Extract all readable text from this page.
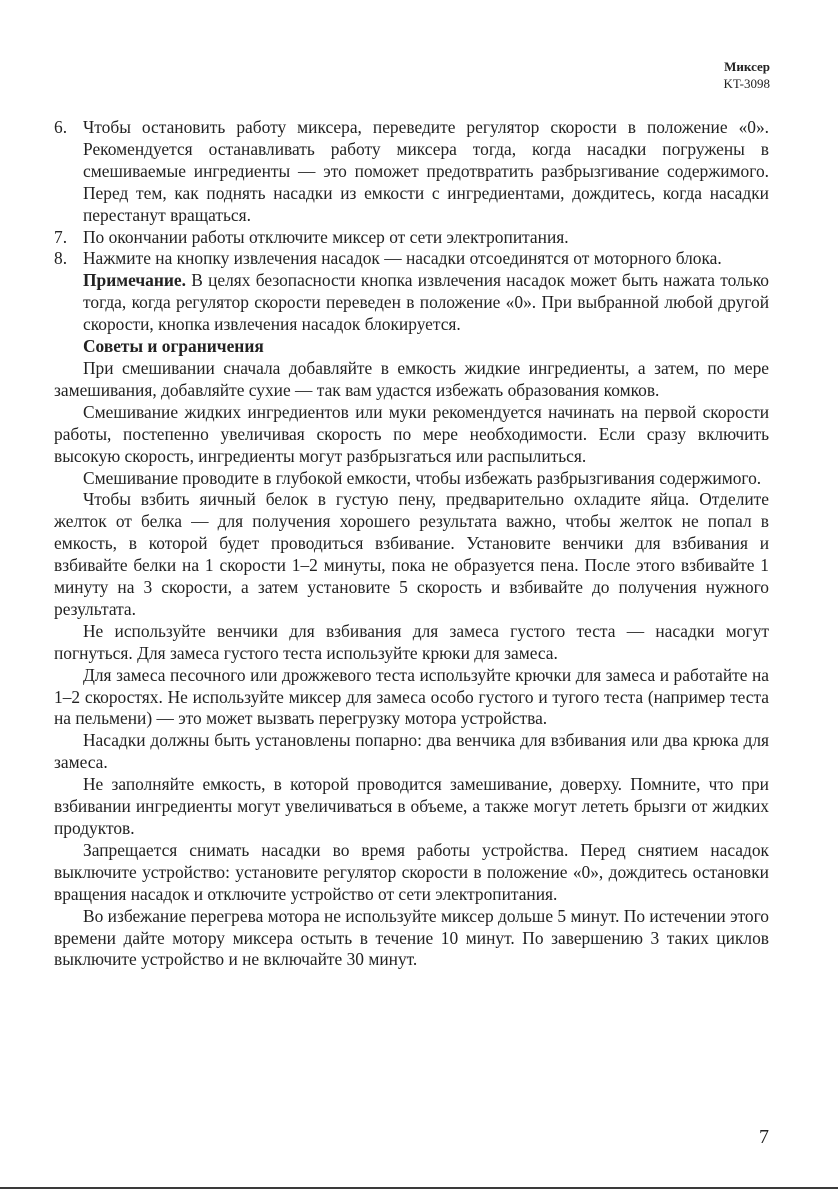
Миксер
KT-3098
6. Чтобы остановить работу миксера, переведите регулятор скорости в положение «0». Рекомендуется останавливать работу миксера тогда, когда насадки погружены в смешиваемые ингредиенты — это поможет предотвратить разбрызгивание содержимого. Перед тем, как поднять насадки из емкости с ингредиентами, дождитесь, когда насадки перестанут вращаться.
7. По окончании работы отключите миксер от сети электропитания.
8. Нажмите на кнопку извлечения насадок — насадки отсоединятся от моторного блока.

Примечание. В целях безопасности кнопка извлечения насадок может быть нажата только тогда, когда регулятор скорости переведен в положение «0». При выбранной любой другой скорости, кнопка извлечения насадок блокируется.

Советы и ограничения

При смешивании сначала добавляйте в емкость жидкие ингредиенты, а затем, по мере замешивания, добавляйте сухие — так вам удастся избежать образования комков.

Смешивание жидких ингредиентов или муки рекомендуется начинать на первой скорости работы, постепенно увеличивая скорость по мере необходимости. Если сразу включить высокую скорость, ингредиенты могут разбрызгаться или распылиться.

Смешивание проводите в глубокой емкости, чтобы избежать разбрызгивания содержимого.

Чтобы взбить яичный белок в густую пену, предварительно охладите яйца. Отделите желток от белка — для получения хорошего результата важно, чтобы желток не попал в емкость, в которой будет проводиться взбивание. Установите венчики для взбивания и взбивайте белки на 1 скорости 1–2 минуты, пока не образуется пена. После этого взбивайте 1 минуту на 3 скорости, а затем установите 5 скорость и взбивайте до получения нужного результата.

Не используйте венчики для взбивания для замеса густого теста — насадки могут погнуться. Для замеса густого теста используйте крюки для замеса.

Для замеса песочного или дрожжевого теста используйте крючки для замеса и работайте на 1–2 скоростях. Не используйте миксер для замеса особо густого и тугого теста (например теста на пельмени) — это может вызвать перегрузку мотора устройства.

Насадки должны быть установлены попарно: два венчика для взбивания или два крюка для замеса.

Не заполняйте емкость, в которой проводится замешивание, доверху. Помните, что при взбивании ингредиенты могут увеличиваться в объеме, а также могут лететь брызги от жидких продуктов.

Запрещается снимать насадки во время работы устройства. Перед снятием насадок выключите устройство: установите регулятор скорости в положение «0», дождитесь остановки вращения насадок и отключите устройство от сети электропитания.

Во избежание перегрева мотора не используйте миксер дольше 5 минут. По истечении этого времени дайте мотору миксера остыть в течение 10 минут. По завершению 3 таких циклов выключите устройство и не включайте 30 минут.

7
